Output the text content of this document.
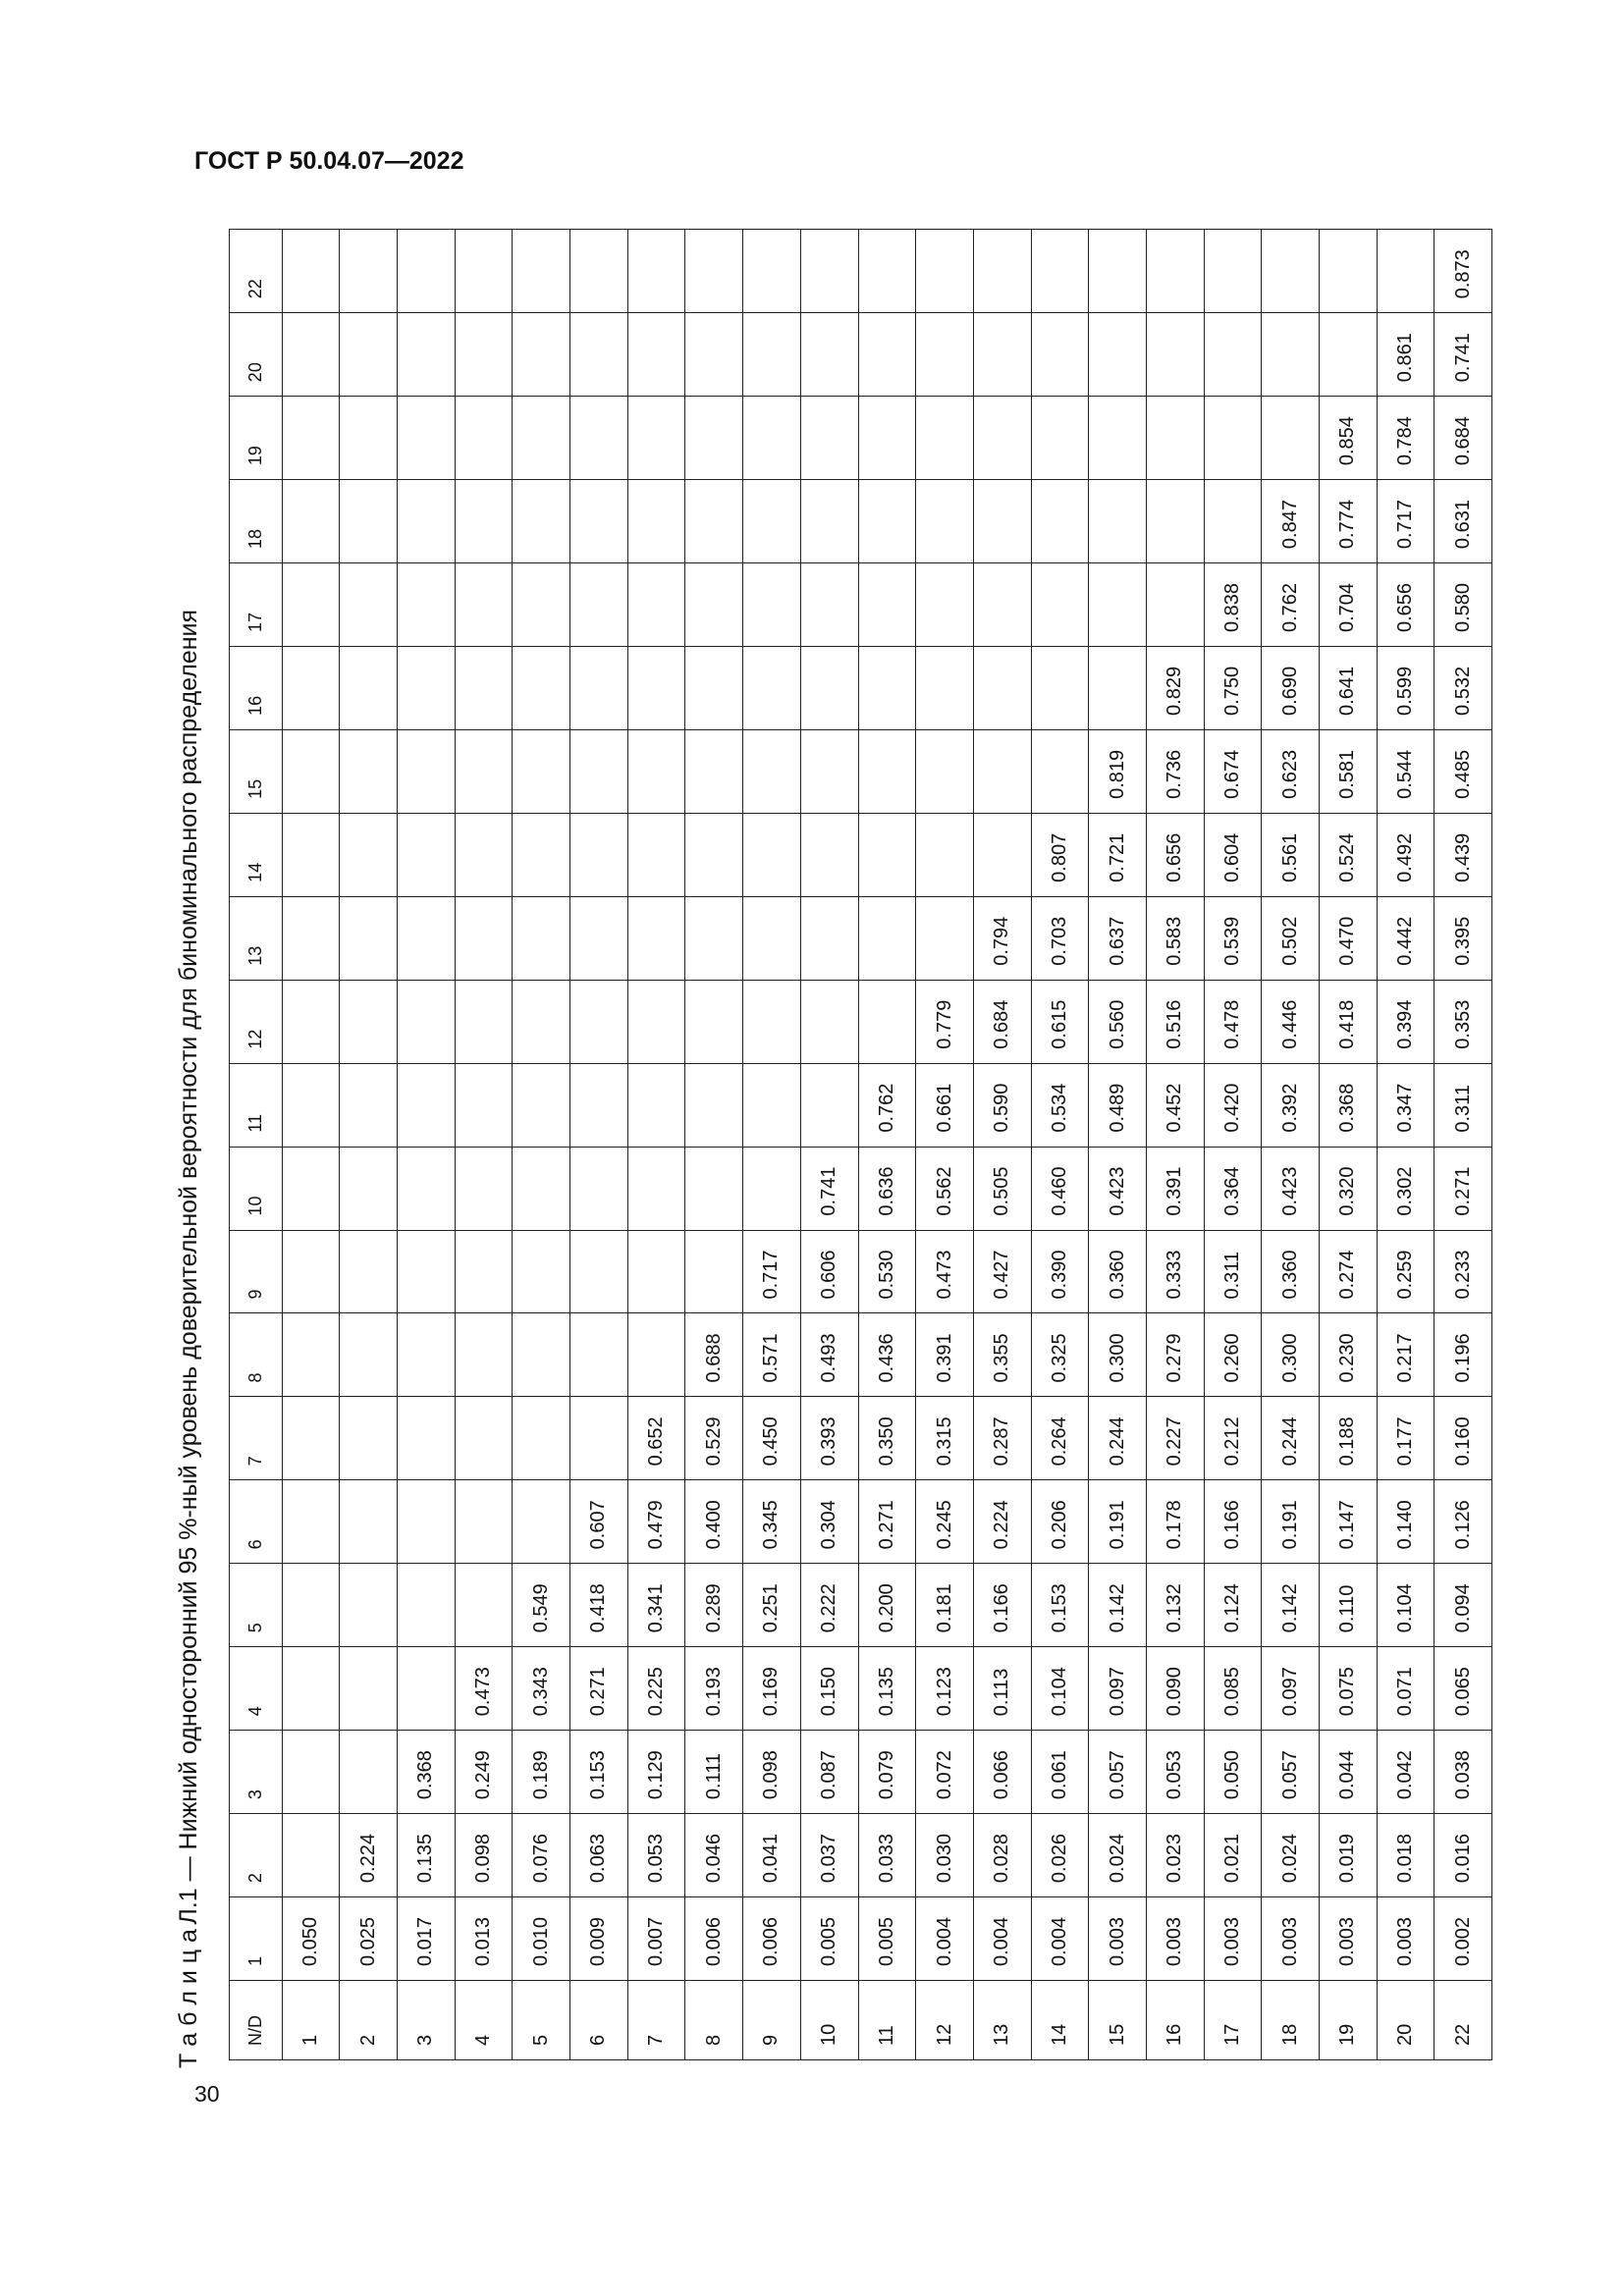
ГОСТ Р 50.04.07—2022
30
Т а б л и ц а Л.1 — Нижний односторонний 95 %-ный уровень доверительной вероятности для биноминального распределения
N/D	1	2	3	4	5	6	7	8	9	10	11	12	13	14	15	16	17	18	19	20	22
1	0.050																				
2	0.025	0.224																			
3	0.017	0.135	0.368																		
4	0.013	0.098	0.249	0.473																	
5	0.010	0.076	0.189	0.343	0.549																
6	0.009	0.063	0.153	0.271	0.418	0.607															
7	0.007	0.053	0.129	0.225	0.341	0.479	0.652														
8	0.006	0.046	0.111	0.193	0.289	0.400	0.529	0.688													
9	0.006	0.041	0.098	0.169	0.251	0.345	0.450	0.571	0.717												
10	0.005	0.037	0.087	0.150	0.222	0.304	0.393	0.493	0.606	0.741											
11	0.005	0.033	0.079	0.135	0.200	0.271	0.350	0.436	0.530	0.636	0.762										
12	0.004	0.030	0.072	0.123	0.181	0.245	0.315	0.391	0.473	0.562	0.661	0.779									
13	0.004	0.028	0.066	0.113	0.166	0.224	0.287	0.355	0.427	0.505	0.590	0.684	0.794								
14	0.004	0.026	0.061	0.104	0.153	0.206	0.264	0.325	0.390	0.460	0.534	0.615	0.703	0.807							
15	0.003	0.024	0.057	0.097	0.142	0.191	0.244	0.300	0.360	0.423	0.489	0.560	0.637	0.721	0.819						
16	0.003	0.023	0.053	0.090	0.132	0.178	0.227	0.279	0.333	0.391	0.452	0.516	0.583	0.656	0.736	0.829					
17	0.003	0.021	0.050	0.085	0.124	0.166	0.212	0.260	0.311	0.364	0.420	0.478	0.539	0.604	0.674	0.750	0.838				
18	0.003	0.024	0.057	0.097	0.142	0.191	0.244	0.300	0.360	0.423	0.392	0.446	0.502	0.561	0.623	0.690	0.762	0.847			
19	0.003	0.019	0.044	0.075	0.110	0.147	0.188	0.230	0.274	0.320	0.368	0.418	0.470	0.524	0.581	0.641	0.704	0.774	0.854		
20	0.003	0.018	0.042	0.071	0.104	0.140	0.177	0.217	0.259	0.302	0.347	0.394	0.442	0.492	0.544	0.599	0.656	0.717	0.784	0.861	
22	0.002	0.016	0.038	0.065	0.094	0.126	0.160	0.196	0.233	0.271	0.311	0.353	0.395	0.439	0.485	0.532	0.580	0.631	0.684	0.741	0.873
